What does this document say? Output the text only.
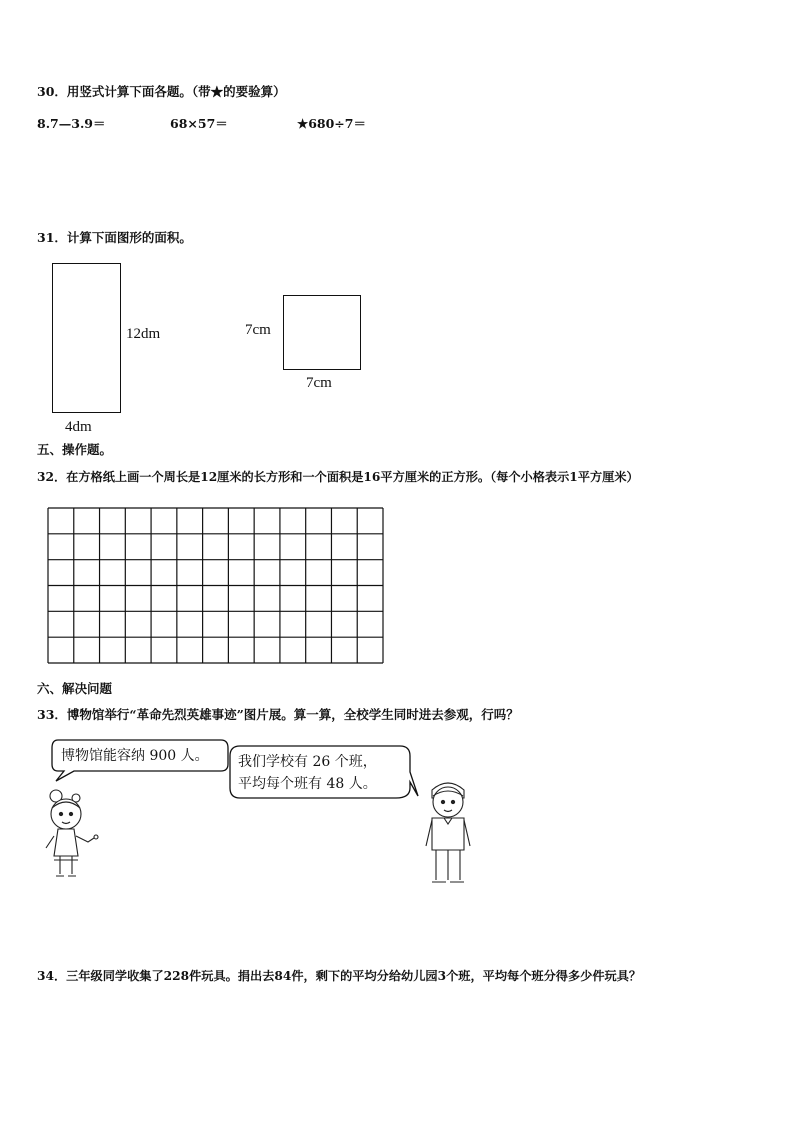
30．用竖式计算下面各题。（带★的要验算）
8.7—3.9＝	68×57＝	★680÷7＝
31．计算下面图形的面积。
12dm
4dm
7cm
7cm
五、操作题。
32．在方格纸上画一个周长是12厘米的长方形和一个面积是16平方厘米的正方形。（每个小格表示1平方厘米）
六、解决问题
33．博物馆举行“革命先烈英雄事迹”图片展。算一算，全校学生同时进去参观，行吗？
博物馆能容纳 900 人。 我们学校有 26 个班，
平均每个班有 48 人。
34．三年级同学收集了228件玩具。捐出去84件，剩下的平均分给幼儿园3个班，平均每个班分得多少件玩具？
